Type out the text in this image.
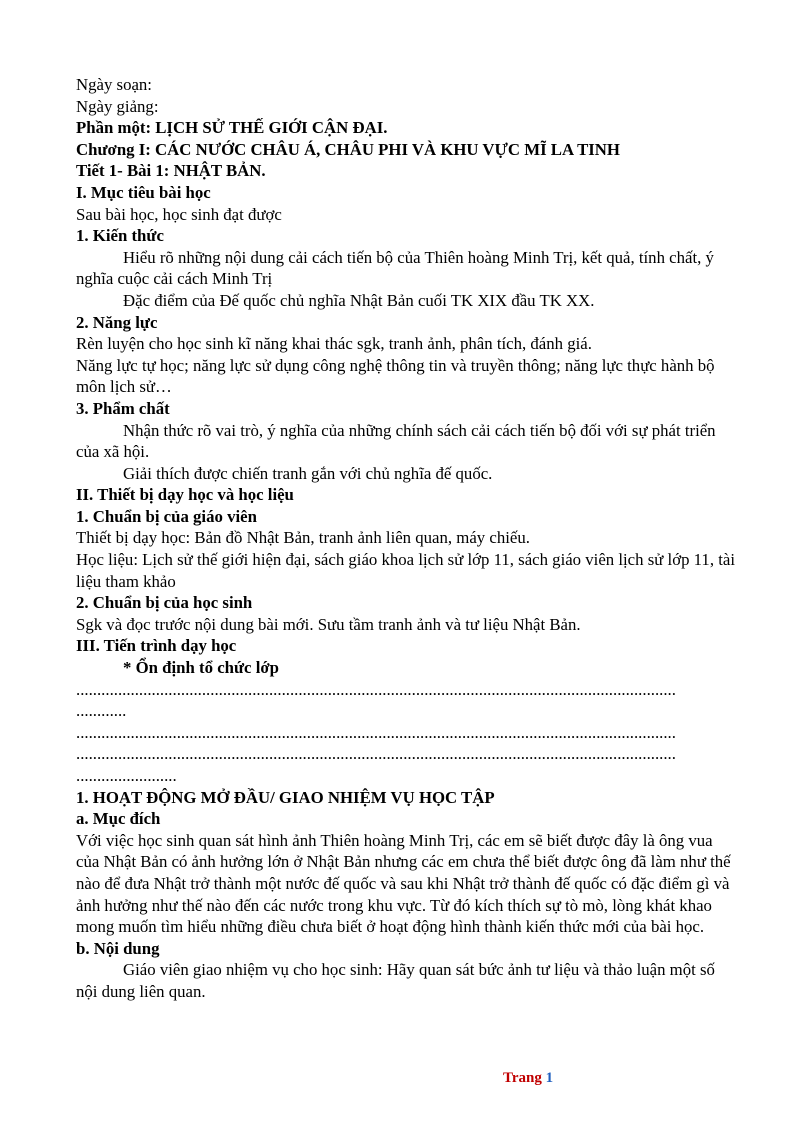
Ngày soạn:

Ngày giảng:

Phần một: LỊCH SỬ THẾ GIỚI CẬN ĐẠI.

Chương I: CÁC NƯỚC CHÂU Á, CHÂU PHI VÀ KHU VỰC MĨ LA TINH

Tiết 1- Bài 1: NHẬT BẢN.

I. Mục tiêu bài học

Sau bài học, học sinh đạt được

1. Kiến thức

Hiểu rõ những nội dung cải cách tiến bộ của Thiên hoàng Minh Trị, kết quả, tính chất, ý nghĩa cuộc cải cách Minh Trị

Đặc điểm của Đế quốc chủ nghĩa Nhật Bản cuối TK XIX đầu TK XX.

2. Năng lực

Rèn luyện cho học sinh kĩ năng khai thác sgk, tranh ảnh, phân tích, đánh giá.

Năng lực tự học; năng lực sử dụng công nghệ thông tin và truyền thông; năng lực thực hành bộ môn lịch sử…

3. Phẩm chất

Nhận thức rõ vai trò, ý nghĩa của những chính sách cải cách tiến bộ đối với sự phát triển của xã hội.

Giải thích được chiến tranh gắn với chủ nghĩa đế quốc.

II. Thiết bị dạy học và học liệu

1. Chuẩn bị của giáo viên

Thiết bị dạy học: Bản đồ Nhật Bản, tranh ảnh liên quan, máy chiếu.

Học liệu: Lịch sử thế giới hiện đại, sách giáo khoa lịch sử lớp 11, sách giáo viên lịch sử lớp 11, tài liệu tham khảo

2. Chuẩn bị của học sinh

Sgk và đọc trước nội dung bài mới. Sưu tầm tranh ảnh và tư liệu Nhật Bản.

III. Tiến trình dạy học

* Ổn định tổ chức lớp

...............................................................................................................................................

............

...............................................................................................................................................

...............................................................................................................................................

........................

1. HOẠT ĐỘNG MỞ ĐẦU/ GIAO NHIỆM VỤ HỌC TẬP

a. Mục đích

Với việc học sinh quan sát hình ảnh Thiên hoàng Minh Trị, các em sẽ biết được đây là ông vua của Nhật Bản có ảnh hưởng lớn ở Nhật Bản nhưng các em chưa thể biết được ông đã làm như thế nào để đưa Nhật trở thành một nước đế quốc và sau khi Nhật trở thành đế quốc có đặc điểm gì và ảnh hưởng như thế nào đến các nước trong khu vực. Từ đó kích thích sự tò mò, lòng khát khao mong muốn tìm hiểu những điều chưa biết ở hoạt động hình thành kiến thức mới của bài học.

b. Nội dung

Giáo viên giao nhiệm vụ cho học sinh: Hãy quan sát bức ảnh tư liệu và thảo luận một số nội dung liên quan.

Trang 1
